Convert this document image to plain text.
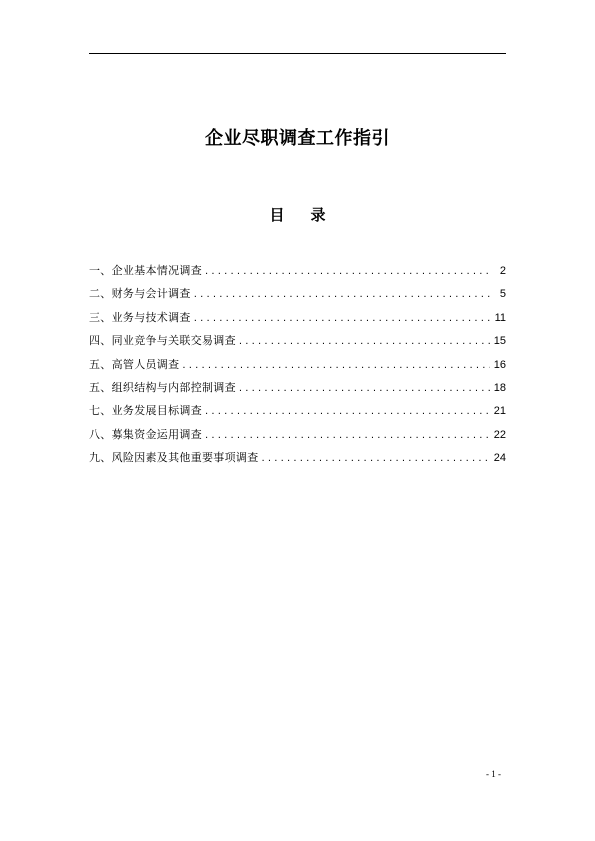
企业尽职调查工作指引
目 录
一、企业基本情况调查 .....	2
二、财务与会计调查 .....	5
三、业务与技术调查 .....	11
四、同业竞争与关联交易调查 .....	15
五、高管人员调查 .....	16
五、组织结构与内部控制调查 .....	18
七、业务发展目标调查 .....	21
八、募集资金运用调查 .....	22
九、风险因素及其他重要事项调查 .....	24
- 1 -
